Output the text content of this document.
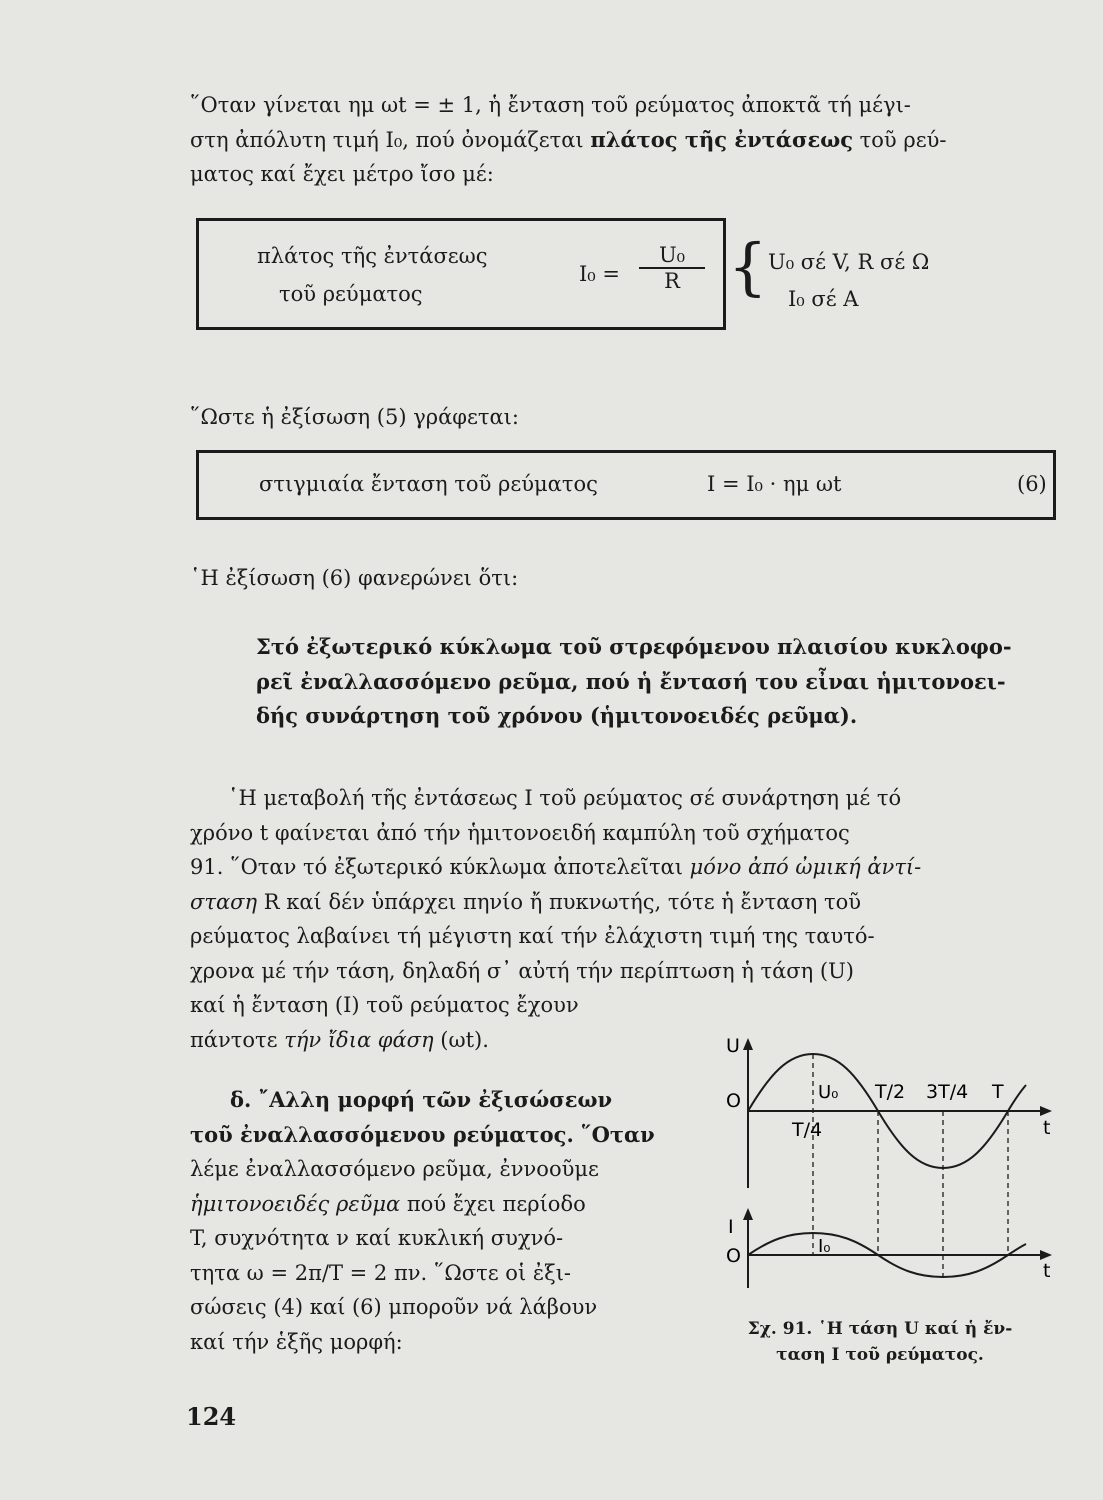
῞Οταν γίνεται ημ ωt = ± 1, ἡ ἔνταση τοῦ ρεύματος ἀποκτᾶ τή μέγι-
στη ἀπόλυτη τιμή I₀, πού ὀνομάζεται πλάτος τῆς ἐντάσεως τοῦ ρεύ-
ματος καί ἔχει μέτρο ἴσο μέ:
πλάτος τῆς ἐντάσεως
τοῦ ρεύματος
$I_0 = \frac{\text{U₀}}{R}$ { U₀ σέ V, R σέ Ω
I₀ σέ A
῞Ωστε ἡ ἐξίσωση (5) γράφεται:
στιγμιαία ἔνταση τοῦ ρεύματος	I = I₀ · ημ ωt	(6)
῾Η ἐξίσωση (6) φανερώνει ὅτι:
Στό ἐξωτερικό κύκλωμα τοῦ στρεφόμενου πλαισίου κυκλοφο-
ρεῖ ἐναλλασσόμενο ρεῦμα, πού ἡ ἔντασή του εἶναι ἡμιτονοει-
δής συνάρτηση τοῦ χρόνου (ἡμιτονοειδές ρεῦμα).
῾Η μεταβολή τῆς ἐντάσεως I τοῦ ρεύματος σέ συνάρτηση μέ τό
χρόνο t φαίνεται ἀπό τήν ἡμιτονοειδή καμπύλη τοῦ σχήματος
91. ῞Οταν τό ἐξωτερικό κύκλωμα ἀποτελεῖται μόνο ἀπό ὠμική ἀντί-
σταση R καί δέν ὑπάρχει πηνίο ἤ πυκνωτής, τότε ἡ ἔνταση τοῦ
ρεύματος λαβαίνει τή μέγιστη καί τήν ἐλάχιστη τιμή της ταυτό-
χρονα μέ τήν τάση, δηλαδή σ᾽ αὐτή τήν περίπτωση ἡ τάση (U)
καί ἡ ἔνταση (I) τοῦ ρεύματος ἔχουν
πάντοτε τήν ἴδια φάση (ωt).
δ. ῎Αλλη μορφή τῶν ἐξισώσεων
τοῦ ἐναλλασσόμενου ρεύματος. ῞Οταν
λέμε ἐναλλασσόμενο ρεῦμα, ἐννοοῦμε
ἡμιτονοειδές ρεῦμα πού ἔχει περίοδο
T, συχνότητα ν καί κυκλική συχνό-
τητα ω = 2π/T = 2 πν. ῞Ωστε οἱ ἐξι-
σώσεις (4) καί (6) μποροῦν νά λάβουν
καί τήν ἑξῆς μορφή:
U
O
t
U₀ T/2 3T/4 T
T/4
I
O	I₀
t
Σχ. 91. ῾Η τάση U καί ἡ ἔν-
ταση I τοῦ ρεύματος.
124
